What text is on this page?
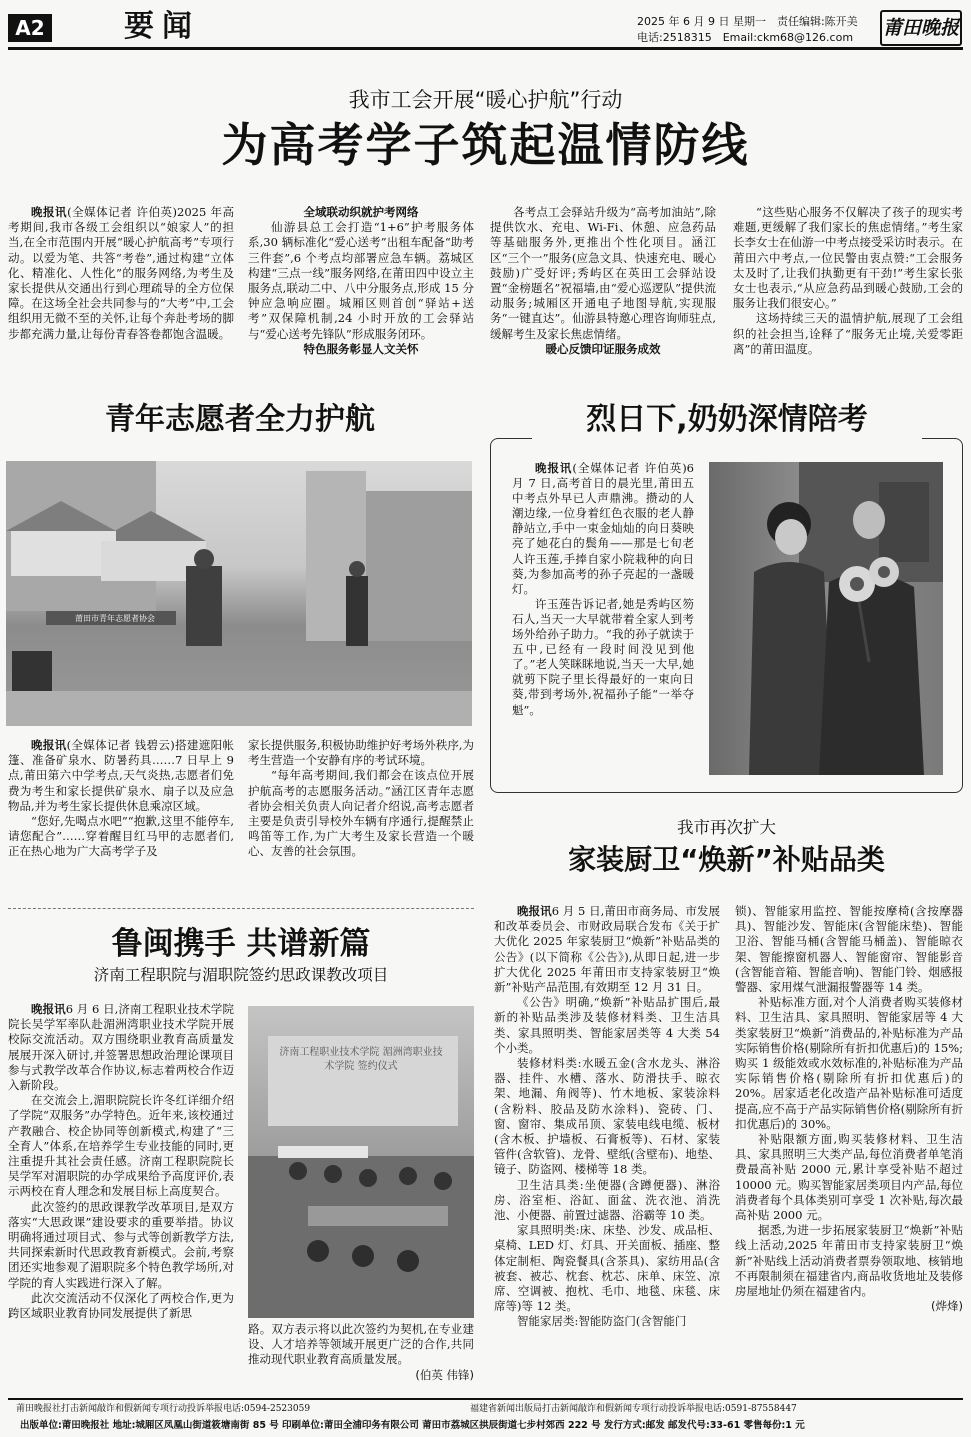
A2	要闻	2025 年 6 月 9 日 星期一　责任编辑:陈开美
电话:2518315　Email:ckm68@126.com	莆田晚报
我市工会开展“暖心护航”行动
为高考学子筑起温情防线

晚报讯(全媒体记者 许伯英)2025 年高考期间,我市各级工会组织以“娘家人”的担当,在全市范围内开展“暖心护航高考”专项行动。以爱为笔、共答“考卷”,通过构建“立体化、精准化、人性化”的服务网络,为考生及家长提供从交通出行到心理疏导的全方位保障。在这场全社会共同参与的“大考”中,工会组织用无微不至的关怀,让每个奔赴考场的脚步都充满力量,让每份青春答卷都饱含温暖。

全域联动织就护考网络

仙游县总工会打造“1+6”护考服务体系,30 辆标准化“爱心送考”出租车配备“助考三件套”,6 个考点均部署应急车辆。荔城区构建“三点一线”服务网络,在莆田四中设立主服务点,联动二中、八中分服务点,形成 15 分钟应急响应圈。城厢区则首创“驿站+送考”双保障机制,24 小时开放的工会驿站与“爱心送考先锋队”形成服务闭环。

特色服务彰显人文关怀

各考点工会驿站升级为“高考加油站”,除提供饮水、充电、Wi-Fi、休憩、应急药品等基础服务外,更推出个性化项目。涵江区“三个一”服务(应急文具、快速充电、暖心鼓励)广受好评;秀屿区在英田工会驿站设置“金榜题名”祝福墙,由“爱心巡逻队”提供流动服务;城厢区开通电子地图导航,实现服务“一键直达”。仙游县特邀心理咨询师驻点,缓解考生及家长焦虑情绪。

暖心反馈印证服务成效

“这些贴心服务不仅解决了孩子的现实考难题,更缓解了我们家长的焦虑情绪。”考生家长李女士在仙游一中考点接受采访时表示。在莆田六中考点,一位民警由衷点赞:“工会服务太及时了,让我们执勤更有干劲!”考生家长张女士也表示,“从应急药品到暖心鼓励,工会的服务让我们很安心。”

这场持续三天的温情护航,展现了工会组织的社会担当,诠释了“服务无止境,关爱零距离”的莆田温度。

青年志愿者全力护航
莆田市青年志愿者协会

晚报讯(全媒体记者 钱碧云)搭建遮阳帐篷、准备矿泉水、防暑药具……7 日早上 9 点,莆田第六中学考点,天气炎热,志愿者们免费为考生和家长提供矿泉水、扇子以及应急物品,并为考生家长提供休息乘凉区域。

“您好,先喝点水吧”“抱歉,这里不能停车,请您配合”……穿着醒目红马甲的志愿者们,正在热心地为广大高考学子及

家长提供服务,积极协助维护好考场外秩序,为考生营造一个安静有序的考试环境。

“每年高考期间,我们都会在该点位开展护航高考的志愿服务活动。”涵江区青年志愿者协会相关负责人向记者介绍说,高考志愿者主要是负责引导校外车辆有序通行,提醒禁止鸣笛等工作,为广大考生及家长营造一个暖心、友善的社会氛围。

烈日下,奶奶深情陪考

晚报讯(全媒体记者 许伯英)6 月 7 日,高考首日的晨光里,莆田五中考点外早已人声鼎沸。攒动的人潮边缘,一位身着红色衣服的老人静静站立,手中一束金灿灿的向日葵映亮了她花白的鬓角——那是七旬老人许玉莲,手捧自家小院栽种的向日葵,为参加高考的孙子亮起的一盏暖灯。

许玉莲告诉记者,她是秀屿区笏石人,当天一大早就带着全家人到考场外给孙子助力。“我的孙子就读于五中,已经有一段时间没见到他了。”老人笑眯眯地说,当天一大早,她就剪下院子里长得最好的一束向日葵,带到考场外,祝福孙子能“一举夺魁”。

鲁闽携手 共谱新篇
济南工程职院与湄职院签约思政课教改项目

晚报讯6 月 6 日,济南工程职业技术学院院长吴学军率队赴湄洲湾职业技术学院开展校际交流活动。双方围绕职业教育高质量发展展开深入研讨,并签署思想政治理论课项目参与式教学改革合作协议,标志着两校合作迈入新阶段。

在交流会上,湄职院院长许冬红详细介绍了学院“双服务”办学特色。近年来,该校通过产教融合、校企协同等创新模式,构建了“三全育人”体系,在培养学生专业技能的同时,更注重提升其社会责任感。济南工程职院院长吴学军对湄职院的办学成果给予高度评价,表示两校在育人理念和发展目标上高度契合。

此次签约的思政课教学改革项目,是双方落实“大思政课”建设要求的重要举措。协议明确将通过项目式、参与式等创新教学方法,共同探索新时代思政教育新模式。会前,考察团还实地参观了湄职院多个特色教学场所,对学院的育人实践进行深入了解。

此次交流活动不仅深化了两校合作,更为跨区域职业教育协同发展提供了新思

济南工程职业技术学院 湄洲湾职业技术学院 签约仪式

路。双方表示将以此次签约为契机,在专业建设、人才培养等领域开展更广泛的合作,共同推动现代职业教育高质量发展。

(伯英 伟锋)
我市再次扩大
家装厨卫“焕新”补贴品类

晚报讯6 月 5 日,莆田市商务局、市发展和改革委员会、市财政局联合发布《关于扩大优化 2025 年家装厨卫“焕新”补贴品类的公告》(以下简称《公告》),从即日起,进一步扩大优化 2025 年莆田市支持家装厨卫“焕新”补贴产品范围,有效期至 12 月 31 日。

《公告》明确,“焕新”补贴品扩围后,最新的补贴品类涉及装修材料类、卫生洁具类、家具照明类、智能家居类等 4 大类 54 个小类。

装修材料类:水暖五金(含水龙头、淋浴器、挂件、水槽、落水、防滑扶手、晾衣架、地漏、角阀等)、竹木地板、家装涂料(含粉料、胶品及防水涂料)、瓷砖、门、窗、窗帘、集成吊顶、家装电线电缆、板材(含木板、护墙板、石膏板等)、石材、家装管件(含软管)、龙骨、壁纸(含壁布)、地垫、镜子、防盗网、楼梯等 18 类。

卫生洁具类:坐便器(含蹲便器)、淋浴房、浴室柜、浴缸、面盆、洗衣池、消洗池、小便器、前置过滤器、浴霸等 10 类。

家具照明类:床、床垫、沙发、成品柜、桌椅、LED 灯、灯具、开关面板、插座、整体定制柜、陶瓷餐具(含茶具)、家纺用品(含被套、被芯、枕套、枕芯、床单、床笠、凉席、空调被、抱枕、毛巾、地毯、床毯、床席等)等 12 类。

智能家居类:智能防盗门(含智能门

锁)、智能家用监控、智能按摩椅(含按摩器具)、智能沙发、智能床(含智能床垫)、智能卫浴、智能马桶(含智能马桶盖)、智能晾衣架、智能擦窗机器人、智能窗帘、智能影音(含智能音箱、智能音响)、智能门铃、烟感报警器、家用煤气泄漏报警器等 14 类。

补贴标准方面,对个人消费者购买装修材料、卫生洁具、家具照明、智能家居等 4 大类家装厨卫“焕新”消费品的,补贴标准为产品实际销售价格(剔除所有折扣优惠后)的 15%;购买 1 级能效或水效标准的,补贴标准为产品实际销售价格(剔除所有折扣优惠后)的 20%。居家适老化改造产品补贴标准可适度提高,应不高于产品实际销售价格(剔除所有折扣优惠后)的 30%。

补贴限额方面,购买装修材料、卫生洁具、家具照明三大类产品,每位消费者单笔消费最高补贴 2000 元,累计享受补贴不超过 10000 元。购买智能家居类项目内产品,每位消费者每个具体类别可享受 1 次补贴,每次最高补贴 2000 元。

据悉,为进一步拓展家装厨卫“焕新”补贴线上活动,2025 年莆田市支持家装厨卫“焕新”补贴线上活动消费者票券领取地、核销地不再限制须在福建省内,商品收货地址及装修房屋地址仍须在福建省内。

(烨烽)
莆田晚报社打击新闻敲诈和假新闻专项行动投诉举报电话:0594-2523059	福建省新闻出版局打击新闻敲诈和假新闻专项行动投诉举报电话:0591-87558447
出版单位:莆田晚报社 地址:城厢区凤凰山街道筱塘南街 85 号 印刷单位:莆田全浦印务有限公司 莆田市荔城区拱辰街道七步村郊西 222 号 发行方式:邮发 邮发代号:33-61 零售每份:1 元
